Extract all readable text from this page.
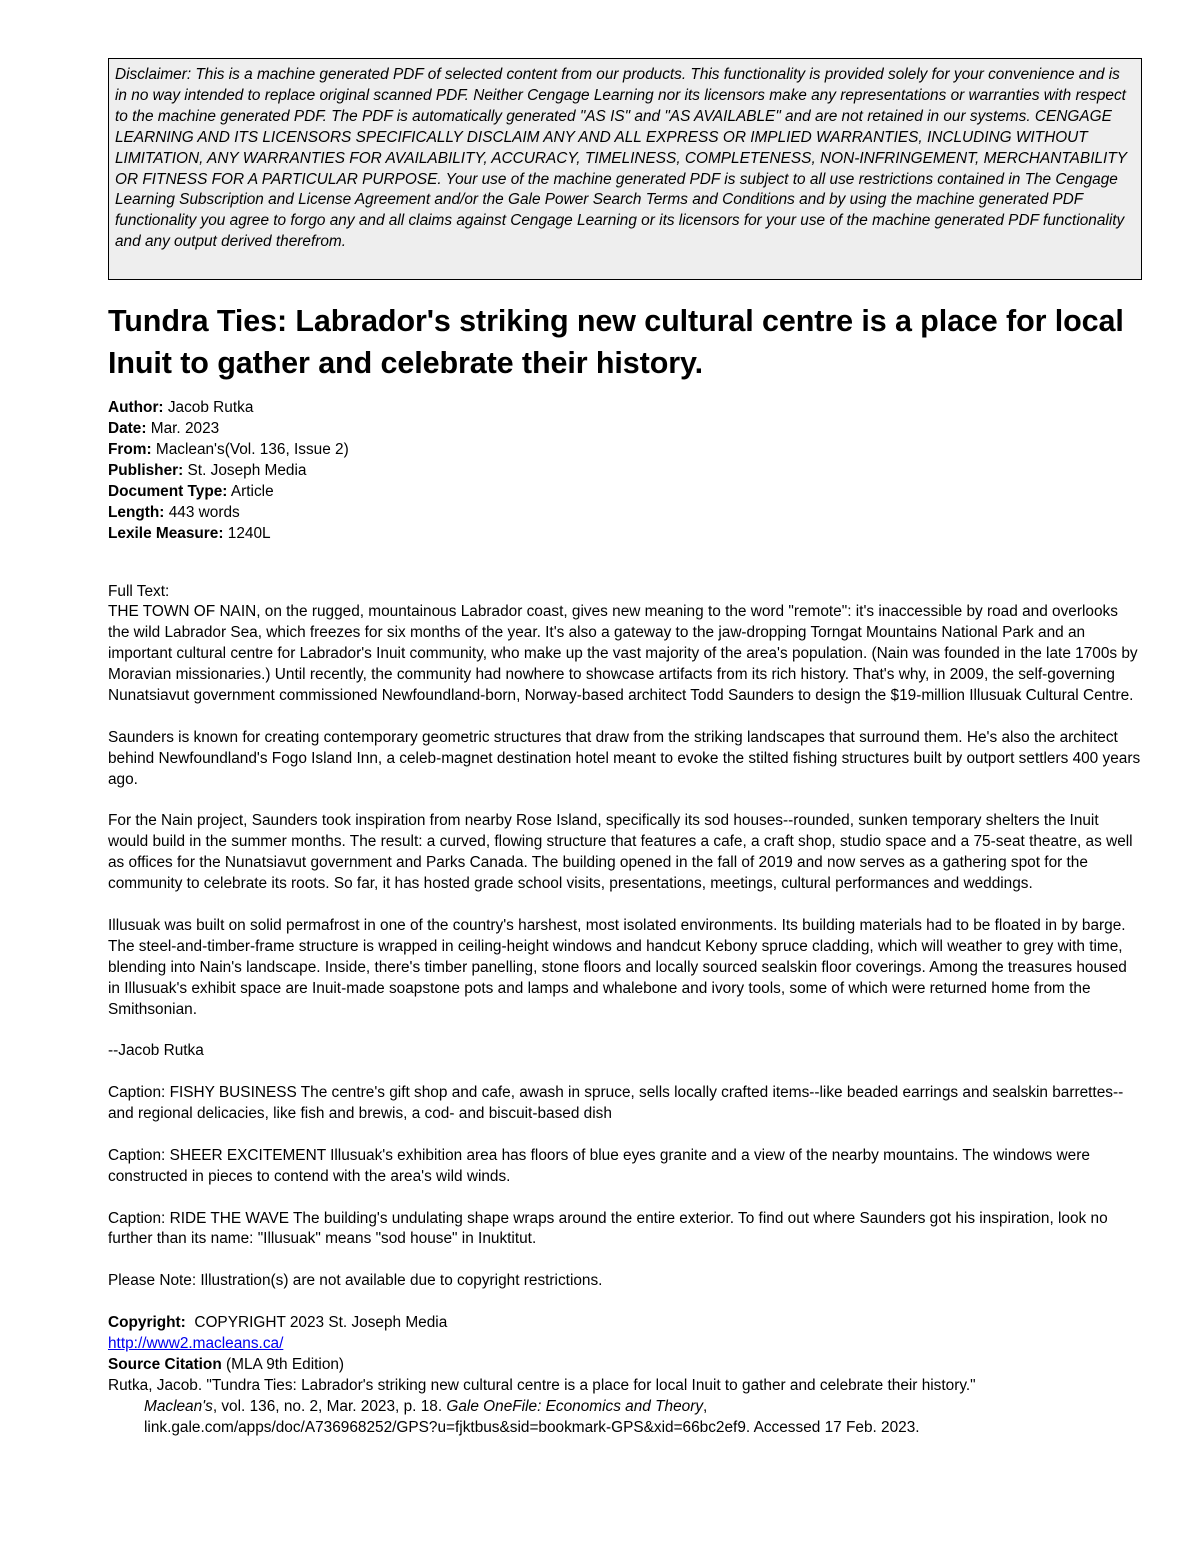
Disclaimer: This is a machine generated PDF of selected content from our products. This functionality is provided solely for your convenience and is in no way intended to replace original scanned PDF. Neither Cengage Learning nor its licensors make any representations or warranties with respect to the machine generated PDF. The PDF is automatically generated "AS IS" and "AS AVAILABLE" and are not retained in our systems. CENGAGE LEARNING AND ITS LICENSORS SPECIFICALLY DISCLAIM ANY AND ALL EXPRESS OR IMPLIED WARRANTIES, INCLUDING WITHOUT LIMITATION, ANY WARRANTIES FOR AVAILABILITY, ACCURACY, TIMELINESS, COMPLETENESS, NON-INFRINGEMENT, MERCHANTABILITY OR FITNESS FOR A PARTICULAR PURPOSE. Your use of the machine generated PDF is subject to all use restrictions contained in The Cengage Learning Subscription and License Agreement and/or the Gale Power Search Terms and Conditions and by using the machine generated PDF functionality you agree to forgo any and all claims against Cengage Learning or its licensors for your use of the machine generated PDF functionality and any output derived therefrom.
Tundra Ties: Labrador's striking new cultural centre is a place for local Inuit to gather and celebrate their history.
Author: Jacob Rutka
Date: Mar. 2023
From: Maclean's(Vol. 136, Issue 2)
Publisher: St. Joseph Media
Document Type: Article
Length: 443 words
Lexile Measure: 1240L

Full Text:

THE TOWN OF NAIN, on the rugged, mountainous Labrador coast, gives new meaning to the word "remote": it's inaccessible by road and overlooks the wild Labrador Sea, which freezes for six months of the year. It's also a gateway to the jaw-dropping Torngat Mountains National Park and an important cultural centre for Labrador's Inuit community, who make up the vast majority of the area's population. (Nain was founded in the late 1700s by Moravian missionaries.) Until recently, the community had nowhere to showcase artifacts from its rich history. That's why, in 2009, the self-governing Nunatsiavut government commissioned Newfoundland-born, Norway-based architect Todd Saunders to design the $19-million Illusuak Cultural Centre.

Saunders is known for creating contemporary geometric structures that draw from the striking landscapes that surround them. He's also the architect behind Newfoundland's Fogo Island Inn, a celeb-magnet destination hotel meant to evoke the stilted fishing structures built by outport settlers 400 years ago.

For the Nain project, Saunders took inspiration from nearby Rose Island, specifically its sod houses--rounded, sunken temporary shelters the Inuit would build in the summer months. The result: a curved, flowing structure that features a cafe, a craft shop, studio space and a 75-seat theatre, as well as offices for the Nunatsiavut government and Parks Canada. The building opened in the fall of 2019 and now serves as a gathering spot for the community to celebrate its roots. So far, it has hosted grade school visits, presentations, meetings, cultural performances and weddings.

Illusuak was built on solid permafrost in one of the country's harshest, most isolated environments. Its building materials had to be floated in by barge. The steel-and-timber-frame structure is wrapped in ceiling-height windows and handcut Kebony spruce cladding, which will weather to grey with time, blending into Nain's landscape. Inside, there's timber panelling, stone floors and locally sourced sealskin floor coverings. Among the treasures housed in Illusuak's exhibit space are Inuit-made soapstone pots and lamps and whalebone and ivory tools, some of which were returned home from the Smithsonian.

--Jacob Rutka

Caption: FISHY BUSINESS The centre's gift shop and cafe, awash in spruce, sells locally crafted items--like beaded earrings and sealskin barrettes--and regional delicacies, like fish and brewis, a cod- and biscuit-based dish

Caption: SHEER EXCITEMENT Illusuak's exhibition area has floors of blue eyes granite and a view of the nearby mountains. The windows were constructed in pieces to contend with the area's wild winds.

Caption: RIDE THE WAVE The building's undulating shape wraps around the entire exterior. To find out where Saunders got his inspiration, look no further than its name: "Illusuak" means "sod house" in Inuktitut.

Please Note: Illustration(s) are not available due to copyright restrictions.

Copyright:  COPYRIGHT 2023 St. Joseph Media
http://www2.macleans.ca/
Source Citation (MLA 9th Edition)
Rutka, Jacob. "Tundra Ties: Labrador's striking new cultural centre is a place for local Inuit to gather and celebrate their history."
Maclean's, vol. 136, no. 2, Mar. 2023, p. 18. Gale OneFile: Economics and Theory,
link.gale.com/apps/doc/A736968252/GPS?u=fjktbus&sid=bookmark-GPS&xid=66bc2ef9. Accessed 17 Feb. 2023.
